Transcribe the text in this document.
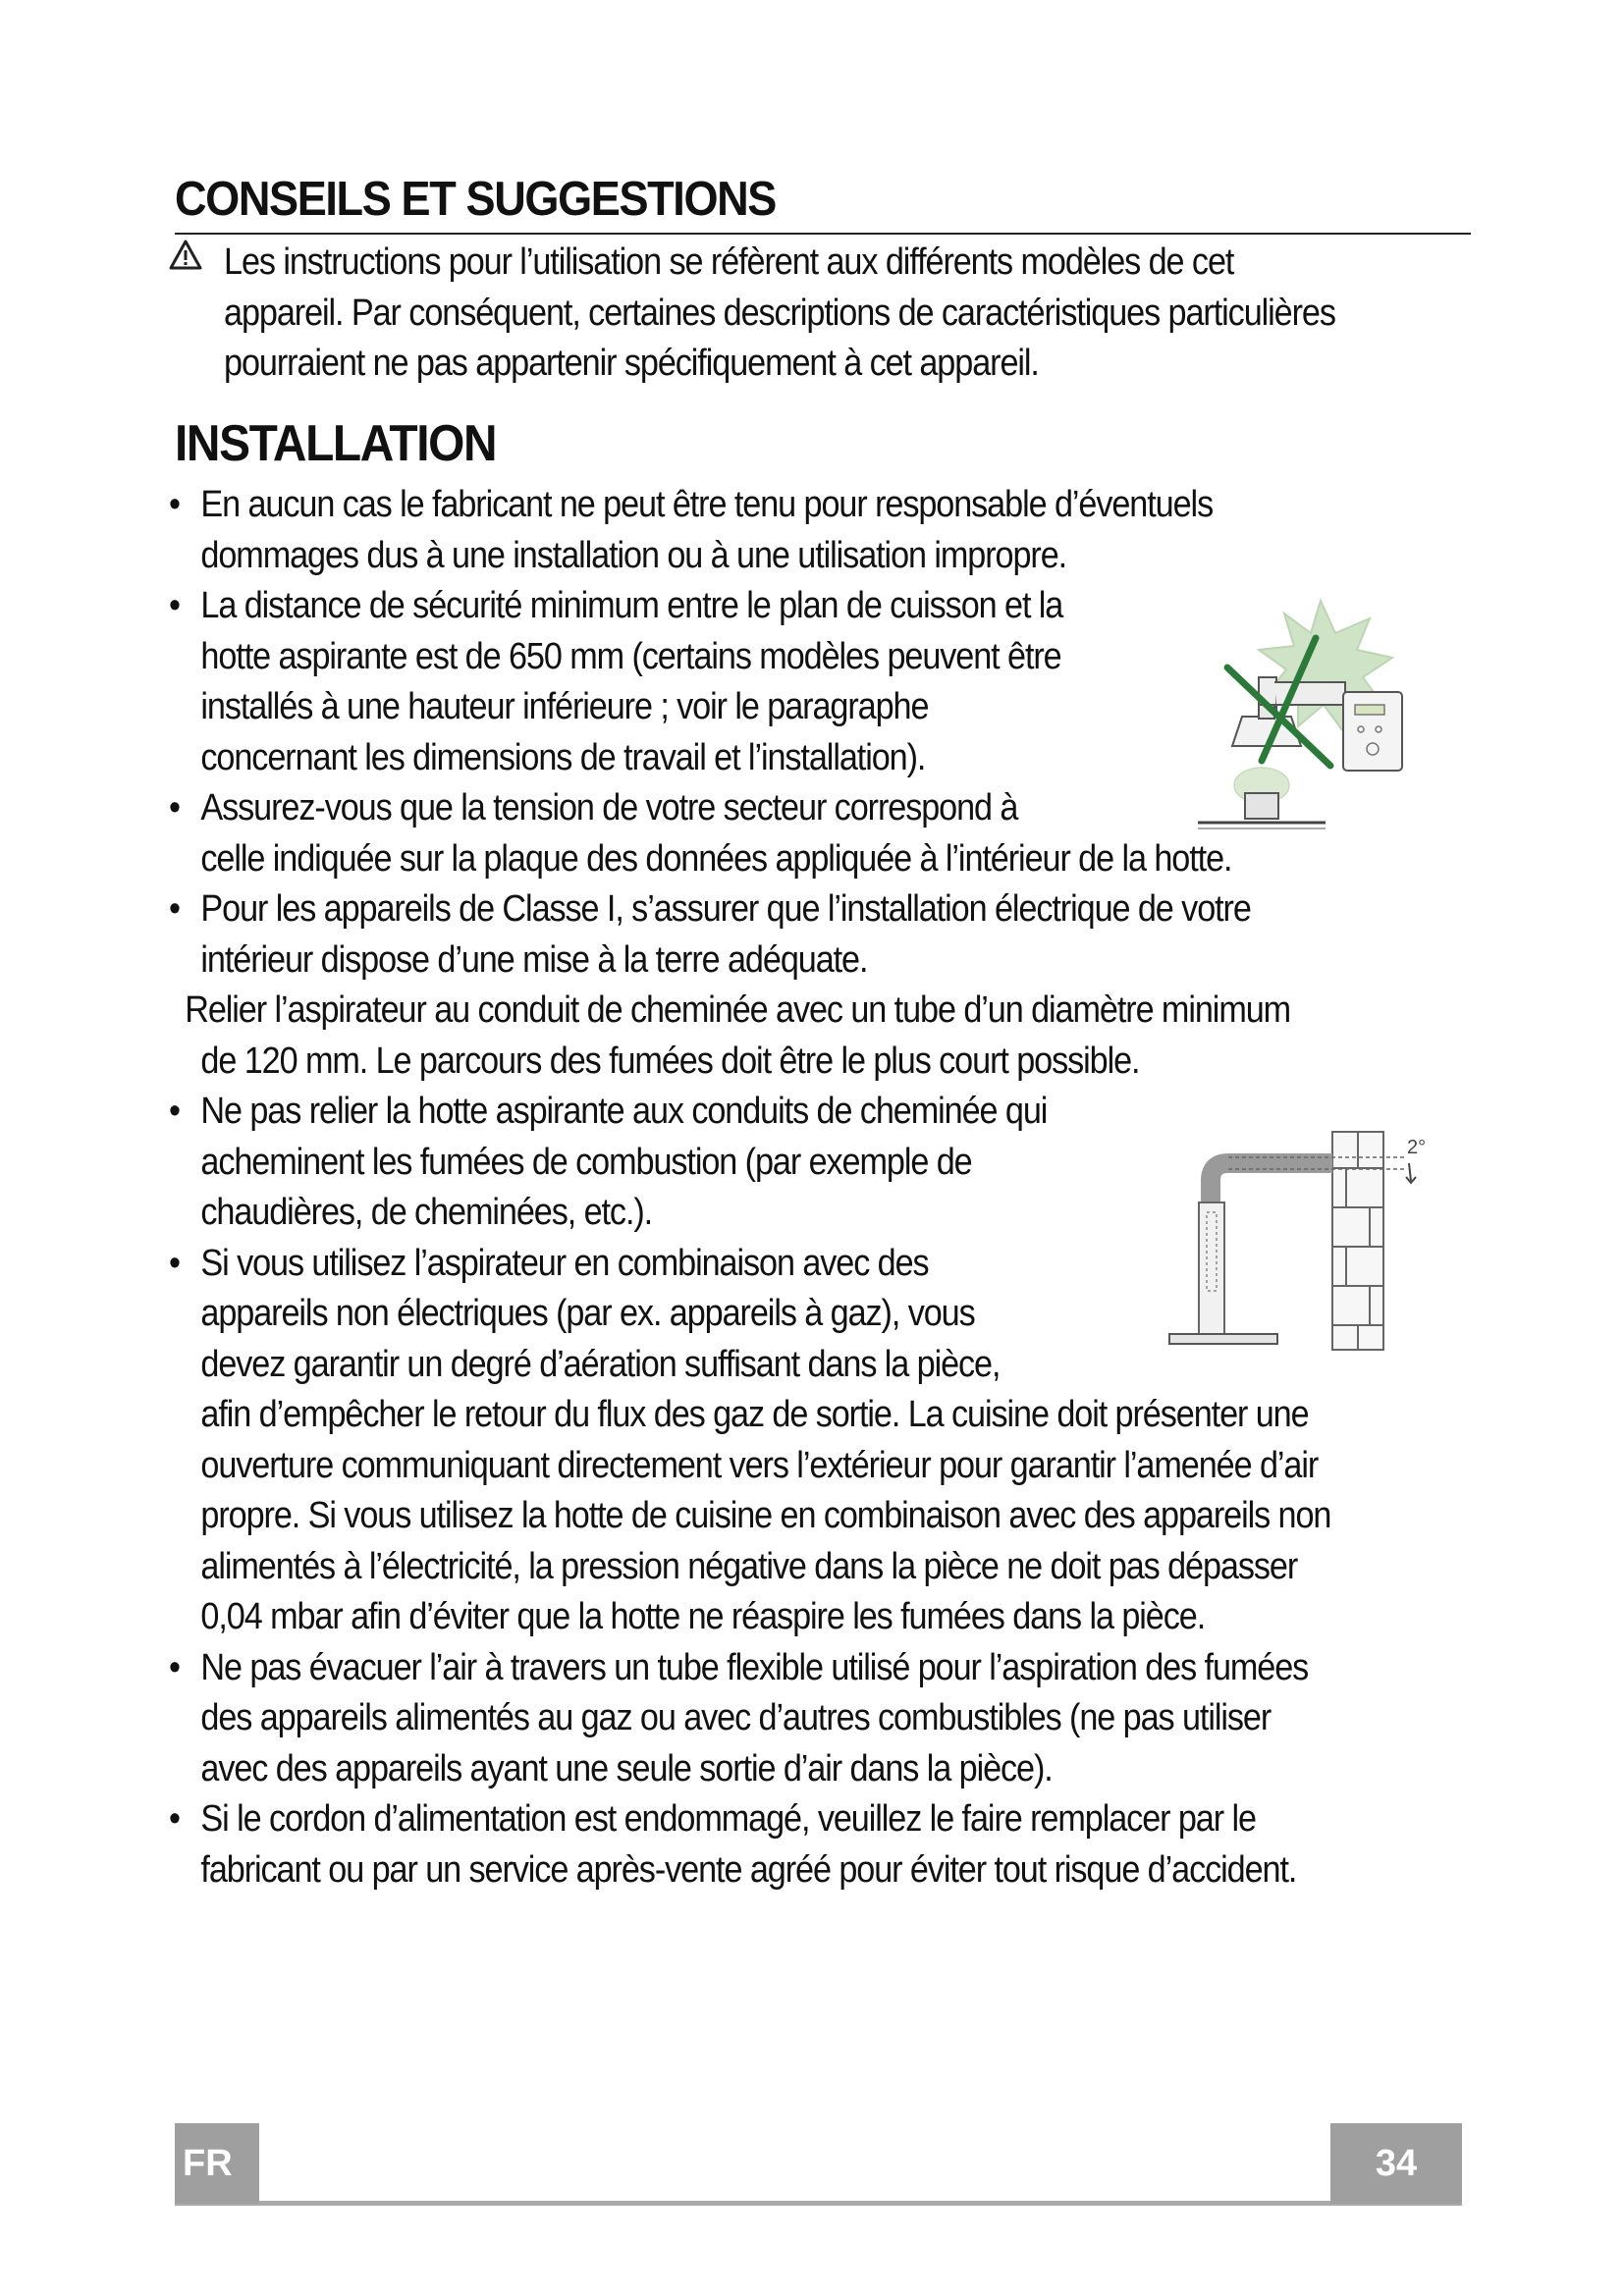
CONSEILS ET SUGGESTIONS
Les instructions pour l’utilisation se réfèrent aux différents modèles de cet
appareil. Par conséquent, certaines descriptions de caractéristiques particulières
pourraient ne pas appartenir spécifiquement à cet appareil.
INSTALLATION
• En aucun cas le fabricant ne peut être tenu pour responsable d’éventuels
dommages dus à une installation ou à une utilisation impropre.
• La distance de sécurité minimum entre le plan de cuisson et la
hotte aspirante est de 650 mm (certains modèles peuvent être
installés à une hauteur inférieure ; voir le paragraphe
concernant les dimensions de travail et l’installation).
• Assurez-vous que la tension de votre secteur correspond à
celle indiquée sur la plaque des données appliquée à l’intérieur de la hotte.
• Pour les appareils de Classe I, s’assurer que l’installation électrique de votre
intérieur dispose d’une mise à la terre adéquate.
Relier l’aspirateur au conduit de cheminée avec un tube d’un diamètre minimum
de 120 mm. Le parcours des fumées doit être le plus court possible.
• Ne pas relier la hotte aspirante aux conduits de cheminée qui
acheminent les fumées de combustion (par exemple de
chaudières, de cheminées, etc.).
• Si vous utilisez l’aspirateur en combinaison avec des
appareils non électriques (par ex. appareils à gaz), vous
devez garantir un degré d’aération suffisant dans la pièce,
afin d’empêcher le retour du flux des gaz de sortie. La cuisine doit présenter une
ouverture communiquant directement vers l’extérieur pour garantir l’amenée d’air
propre. Si vous utilisez la hotte de cuisine en combinaison avec des appareils non
alimentés à l’électricité, la pression négative dans la pièce ne doit pas dépasser
0,04 mbar afin d’éviter que la hotte ne réaspire les fumées dans la pièce.
• Ne pas évacuer l’air à travers un tube flexible utilisé pour l’aspiration des fumées
des appareils alimentés au gaz ou avec d’autres combustibles (ne pas utiliser
avec des appareils ayant une seule sortie d’air dans la pièce).
• Si le cordon d’alimentation est endommagé, veuillez le faire remplacer par le
fabricant ou par un service après-vente agréé pour éviter tout risque d’accident.
2°
FR	34
